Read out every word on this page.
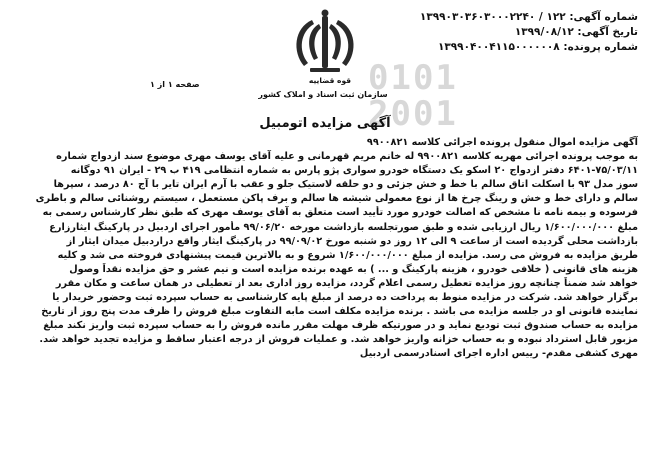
شماره آگهی: ۱۲۲ / ۱۳۹۹۰۳۰۳۶۰۳۰۰۰۲۲۴۰
تاریخ آگهی: ۱۳۹۹/۰۸/۱۲
شماره پرونده: ۱۳۹۹۰۴۰۰۴۱۱۵۰۰۰۰۰۰۸
0101
2001
قوه قضاییه
سازمان ثبت اسناد و املاک کشور
صفحه ۱ از ۱
آگهی مزایده اتومبیل
آگهی مزایده اموال منقول پرونده اجرائی کلاسه ۹۹۰۰۸۲۱
به موجب پرونده اجرائی مهریه کلاسه ۹۹۰۰۸۲۱ له خانم مریم قهرمانی و علیه آقای یوسف مهری موضوع سند ازدواج شماره
۶۴۰۱-۷۵/۰۳/۱۱ دفتر ازدواج ۲۰ اسکو یک دستگاه خودرو سواری پژو پارس به شماره انتظامی ۴۱۹ ب ۲۹ - ایران ۹۱ دوگانه
سوز مدل ۹۳ با اسکلت اتاق سالم با خط و خش جزئی و دو حلقه لاستیک جلو و عقب با آرم ایران تایر با آج ۸۰ درصد ، سپرها
سالم و دارای خط و خش و رینگ چرخ ها از نوع معمولی شیشه ها سالم و برف پاکن مستعمل ، سیستم روشنائی سالم و باطری
فرسوده و بیمه نامه نا مشخص که اصالت خودرو مورد تأیید است متعلق به آقای یوسف مهری که طبق نظر کارشناس رسمی به
مبلغ ۱/۶۰۰/۰۰۰/۰۰۰ ریال ارزیابی شده و طبق صورتجلسه بازداشت مورخه ۹۹/۰۶/۲۰ مأمور اجرای اردبیل در پارکینگ ایثارزارع
بازداشت محلی گردیده است از ساعت ۹ الی ۱۲ روز دو شنبه مورخ ۹۹/۰۹/۰۲ در پارکینگ ایثار واقع دراردبیل میدان ایثار از
طریق مزایده به فروش می رسد. مزایده از مبلغ ۱/۶۰۰/۰۰۰/۰۰۰ شروع و به بالاترین قیمت پیشنهادی فروخته می شد و کلیه
هزینه های قانونی ( خلافی خودرو ، هزینه پارکینگ و ... ) به عهده برنده مزایده است و نیم عشر و حق مزایده نقداً وصول
خواهد شد ضمناً چنانچه روز مزایده تعطیل رسمی اعلام گردد، مزایده روز اداری بعد از تعطیلی در همان ساعت و مکان مقرر
برگزار خواهد شد. شرکت در مزایده منوط به پرداخت ده درصد از مبلغ پایه کارشناسی به حساب سپرده ثبت وحضور خریدار یا
نماینده قانونی او در جلسه مزایده می باشد . برنده مزایده مکلف است مابه التفاوت مبلغ فروش را ظرف مدت پنج روز از تاریخ
مزایده به حساب صندوق ثبت تودیع نماید و در صورتیکه ظرف مهلت مقرر مانده فروش را به حساب سپرده ثبت واریز نکند مبلغ
مزبور قابل استرداد نبوده و به حساب خزانه واریز خواهد شد. و عملیات فروش از درجه اعتبار ساقط و مزایده تجدید خواهد شد.
مهری کشفی مقدم- رییس اداره اجرای اسنادرسمی اردبیل
